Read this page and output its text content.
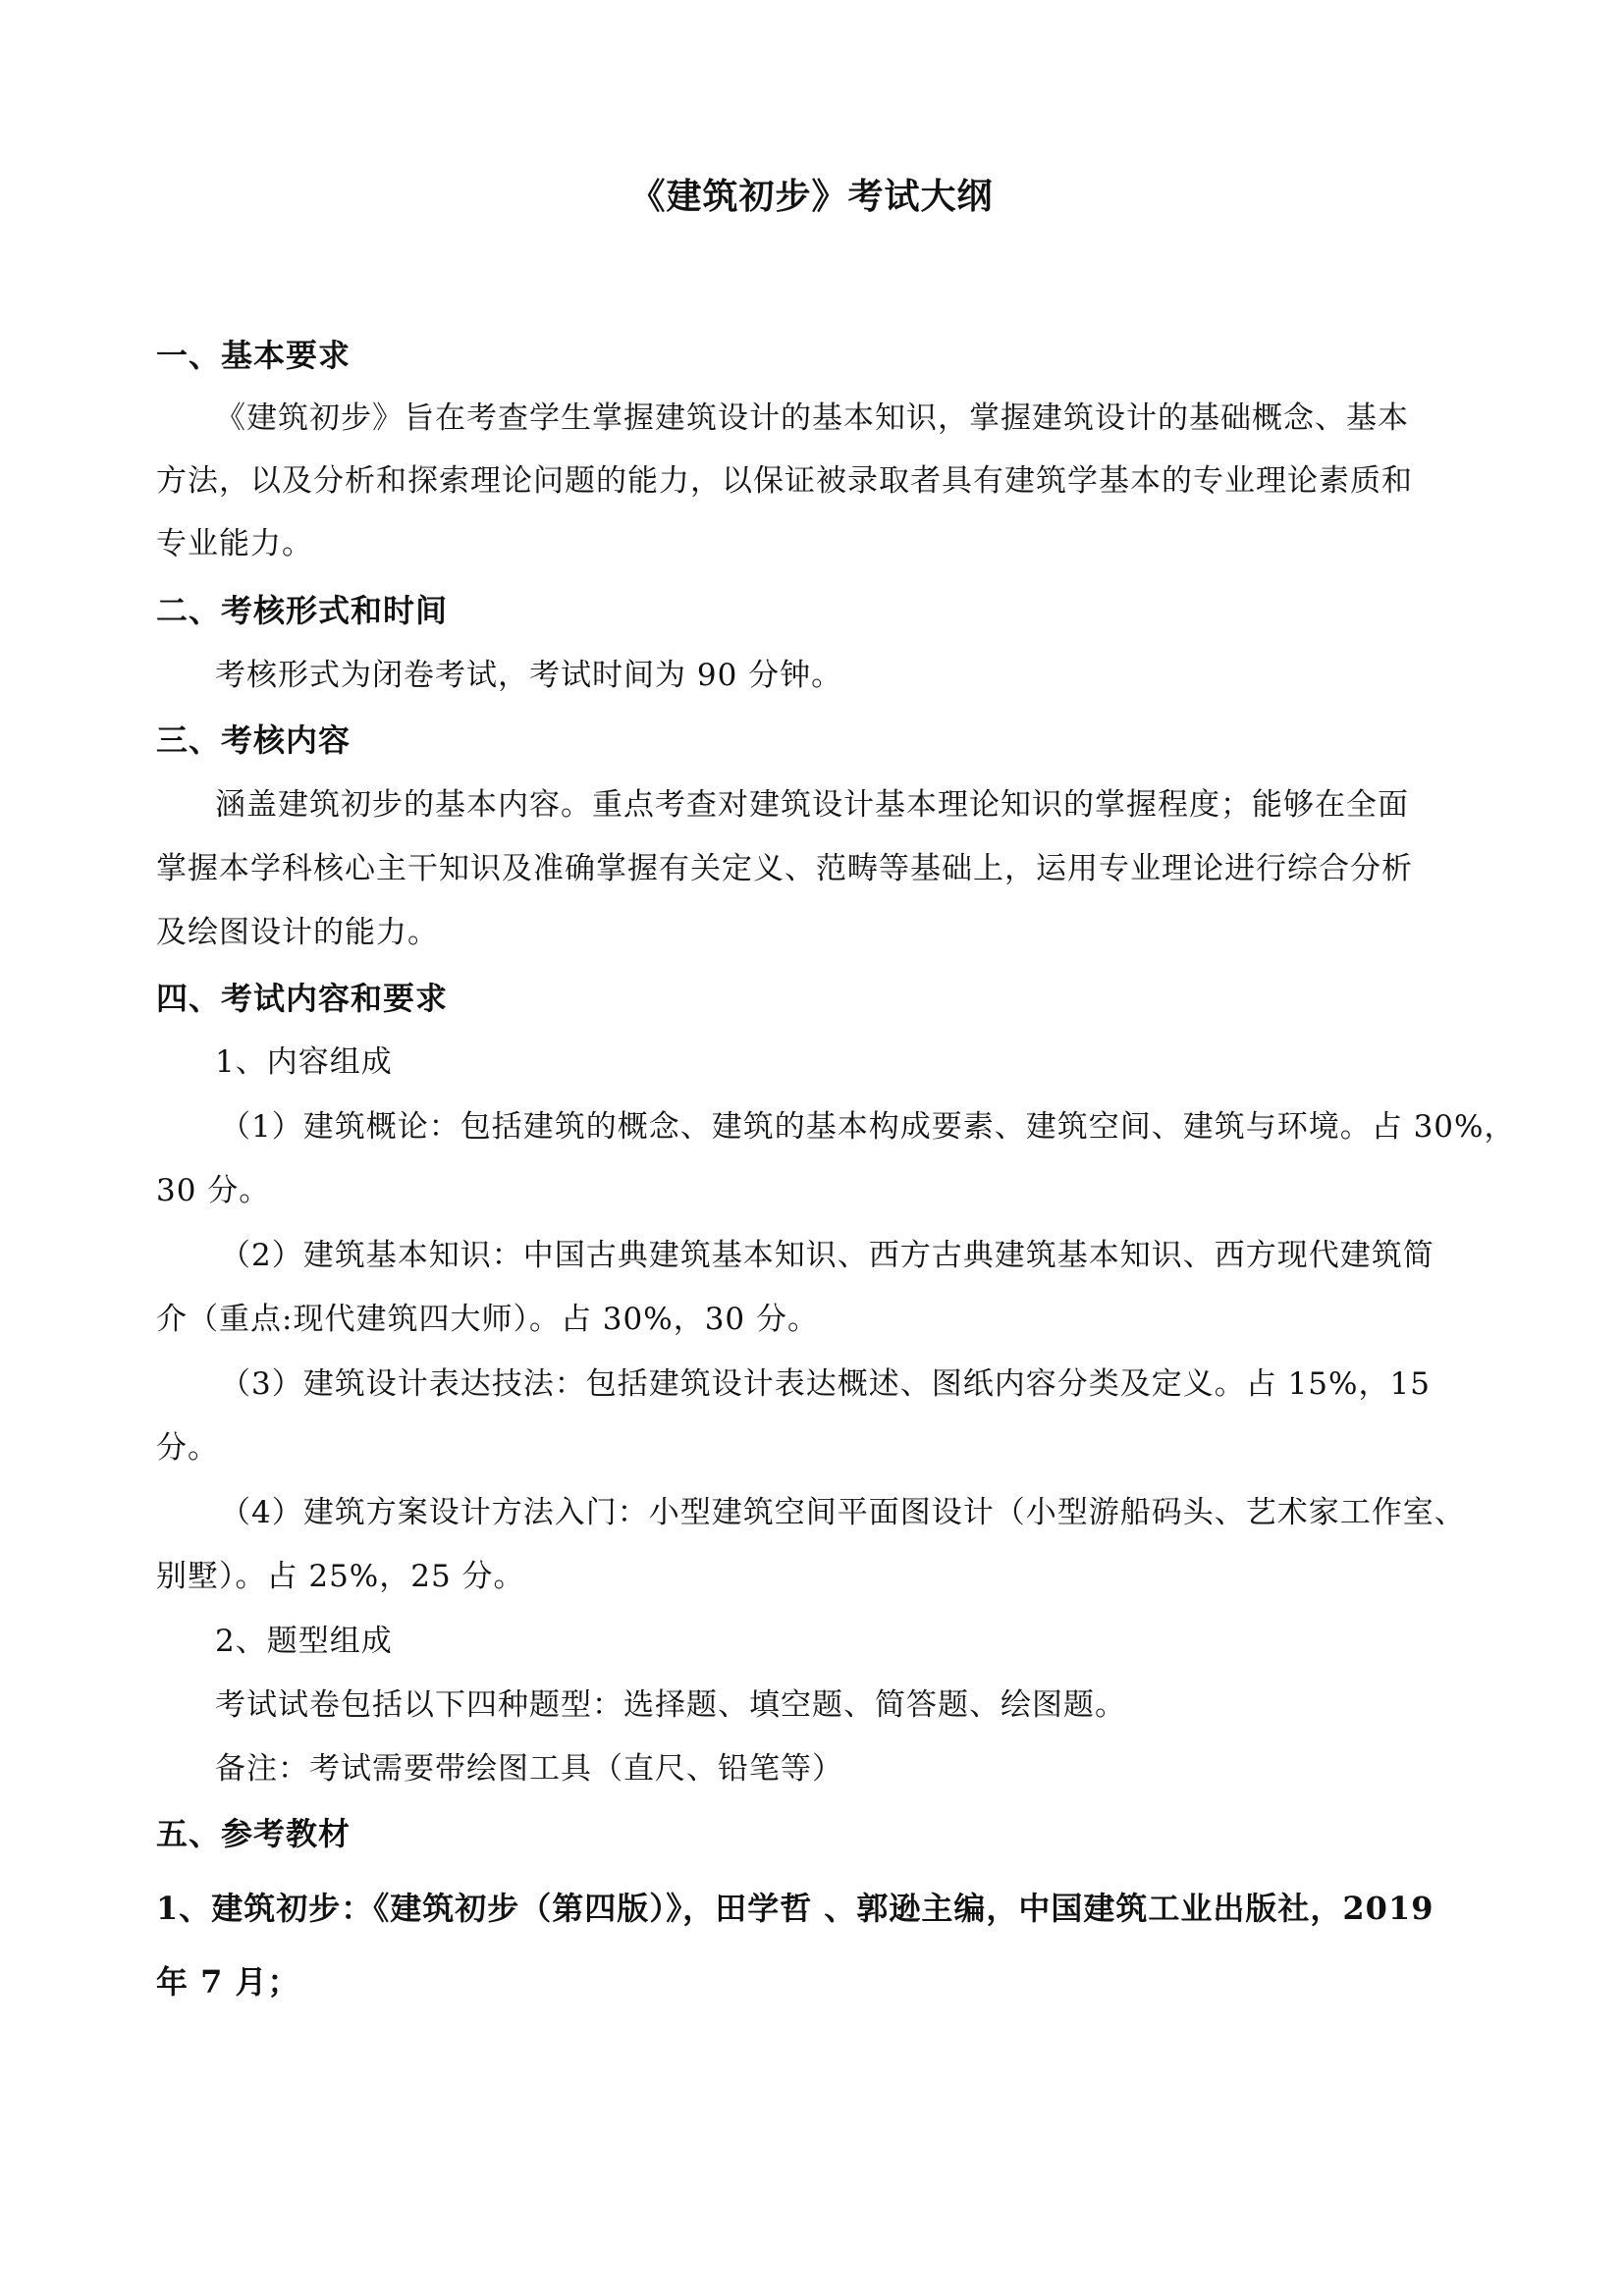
《建筑初步》考试大纲
一、基本要求
《建筑初步》旨在考查学生掌握建筑设计的基本知识，掌握建筑设计的基础概念、基本
方法，以及分析和探索理论问题的能力，以保证被录取者具有建筑学基本的专业理论素质和
专业能力。
二、考核形式和时间
考核形式为闭卷考试，考试时间为 90 分钟。
三、考核内容
涵盖建筑初步的基本内容。重点考查对建筑设计基本理论知识的掌握程度；能够在全面
掌握本学科核心主干知识及准确掌握有关定义、范畴等基础上，运用专业理论进行综合分析
及绘图设计的能力。
四、考试内容和要求
1、内容组成
（1）建筑概论：包括建筑的概念、建筑的基本构成要素、建筑空间、建筑与环境。占 30%，
30 分。
（2）建筑基本知识：中国古典建筑基本知识、西方古典建筑基本知识、西方现代建筑简
介（重点:现代建筑四大师）。占 30%，30 分。
（3）建筑设计表达技法：包括建筑设计表达概述、图纸内容分类及定义。占 15%，15
分。
（4）建筑方案设计方法入门：小型建筑空间平面图设计（小型游船码头、艺术家工作室、
别墅）。占 25%，25 分。
2、题型组成
考试试卷包括以下四种题型：选择题、填空题、简答题、绘图题。
备注：考试需要带绘图工具（直尺、铅笔等）
五、参考教材
1、建筑初步：《建筑初步（第四版）》，田学哲 、郭逊主编，中国建筑工业出版社，2019
年 7 月；
